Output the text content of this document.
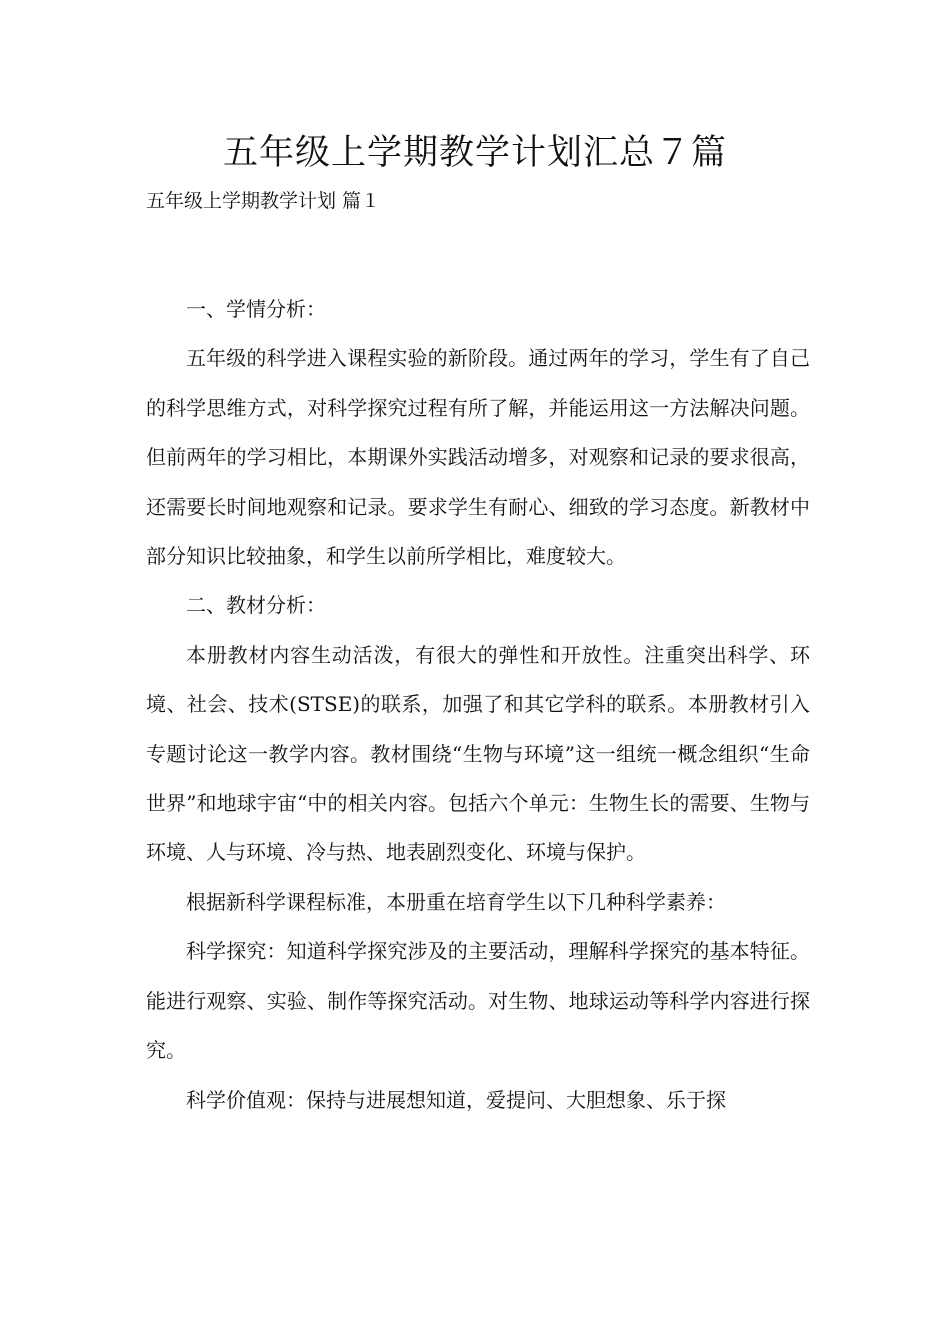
五年级上学期教学计划汇总７篇

五年级上学期教学计划 篇１

一、学情分析：

五年级的科学进入课程实验的新阶段。通过两年的学习，学生有了自己的科学思维方式，对科学探究过程有所了解，并能运用这一方法解决问题。但前两年的学习相比，本期课外实践活动增多，对观察和记录的要求很高，还需要长时间地观察和记录。要求学生有耐心、细致的学习态度。新教材中部分知识比较抽象，和学生以前所学相比，难度较大。

二、教材分析：

本册教材内容生动活泼，有很大的弹性和开放性。注重突出科学、环境、社会、技术(STSE)的联系，加强了和其它学科的联系。本册教材引入专题讨论这一教学内容。教材围绕“生物与环境”这一组统一概念组织“生命世界”和地球宇宙“中的相关内容。包括六个单元：生物生长的需要、生物与环境、人与环境、冷与热、地表剧烈变化、环境与保护。

根据新科学课程标准，本册重在培育学生以下几种科学素养：

科学探究：知道科学探究涉及的主要活动，理解科学探究的基本特征。能进行观察、实验、制作等探究活动。对生物、地球运动等科学内容进行探究。

科学价值观：保持与进展想知道，爱提问、大胆想象、乐于探
